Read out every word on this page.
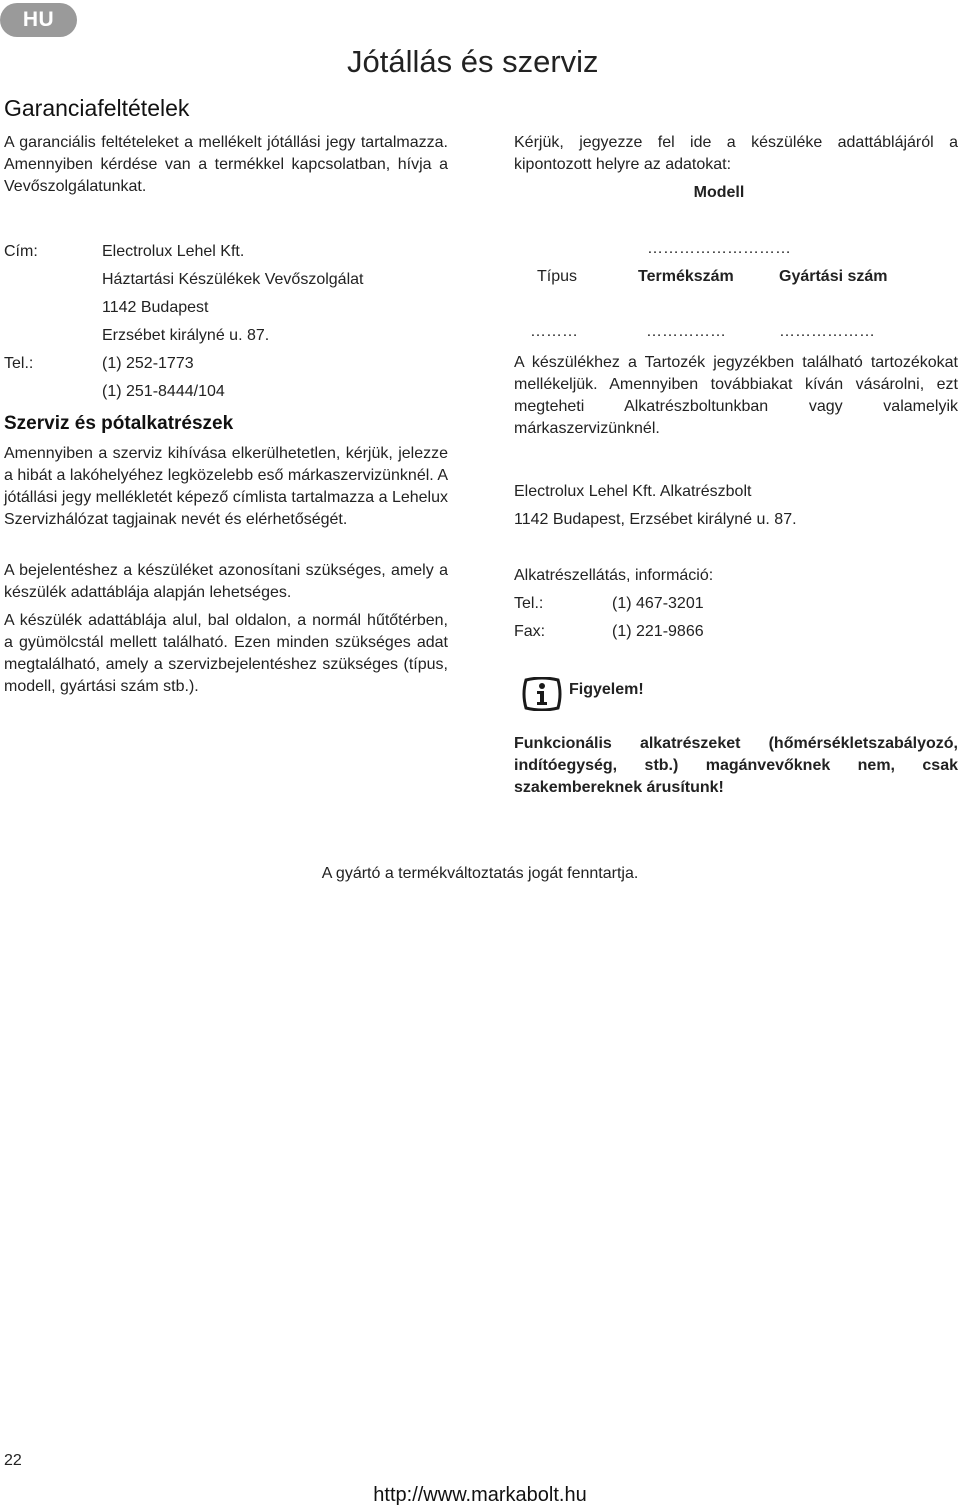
HU
Jótállás és szerviz
Garanciafeltételek
A garanciális feltételeket a mellékelt jótállási jegy tartalmazza. Amennyiben kérdése van a termékkel kapcsolatban, hívja a Vevőszolgálatunkat.
Cím:	Electrolux Lehel Kft.
Háztartási Készülékek Vevőszolgálat
1142 Budapest
Erzsébet királyné u. 87.
Tel.:	(1) 252-1773
(1) 251-8444/104
Szerviz és pótalkatrészek
Amennyiben a szerviz kihívása elkerülhetetlen, kérjük, jelezze a hibát a lakóhelyéhez legközelebb eső márkaszervizünknél. A jótállási jegy mellékletét képező címlista tartalmazza a Lehelux Szervizhálózat tagjainak nevét és elérhetőségét.
A bejelentéshez a készüléket azonosítani szükséges, amely a készülék adattáblája alapján lehetséges.
A készülék adattáblája alul, bal oldalon, a normál hűtőtérben, a gyümölcstál mellett található. Ezen minden szükséges adat megtalálható, amely a szervizbejelentéshez szükséges (típus, modell, gyártási szám stb.).
Kérjük, jegyezze fel ide a készüléke adattáblájáról a kipontozott helyre az adatokat:
Modell
………………………
Típus	Termékszám	Gyártási szám
………	……………	………………
A készülékhez a Tartozék jegyzékben található tartozékokat mellékeljük. Amennyiben továbbiakat kíván vásárolni, ezt megteheti Alkatrészboltunkban vagy valamelyik márkaszervizünknél.
Electrolux Lehel Kft. Alkatrészbolt
1142 Budapest, Erzsébet királyné u. 87.
Alkatrészellátás, információ:
Tel.:	(1) 467-3201
Fax:	(1) 221-9866
Figyelem!
Funkcionális alkatrészeket (hőmérsékletszabályozó, indítóegység, stb.) magánvevőknek nem, csak szakembereknek árusítunk!
A gyártó a termékváltoztatás jogát fenntartja.
22
http://www.markabolt.hu
